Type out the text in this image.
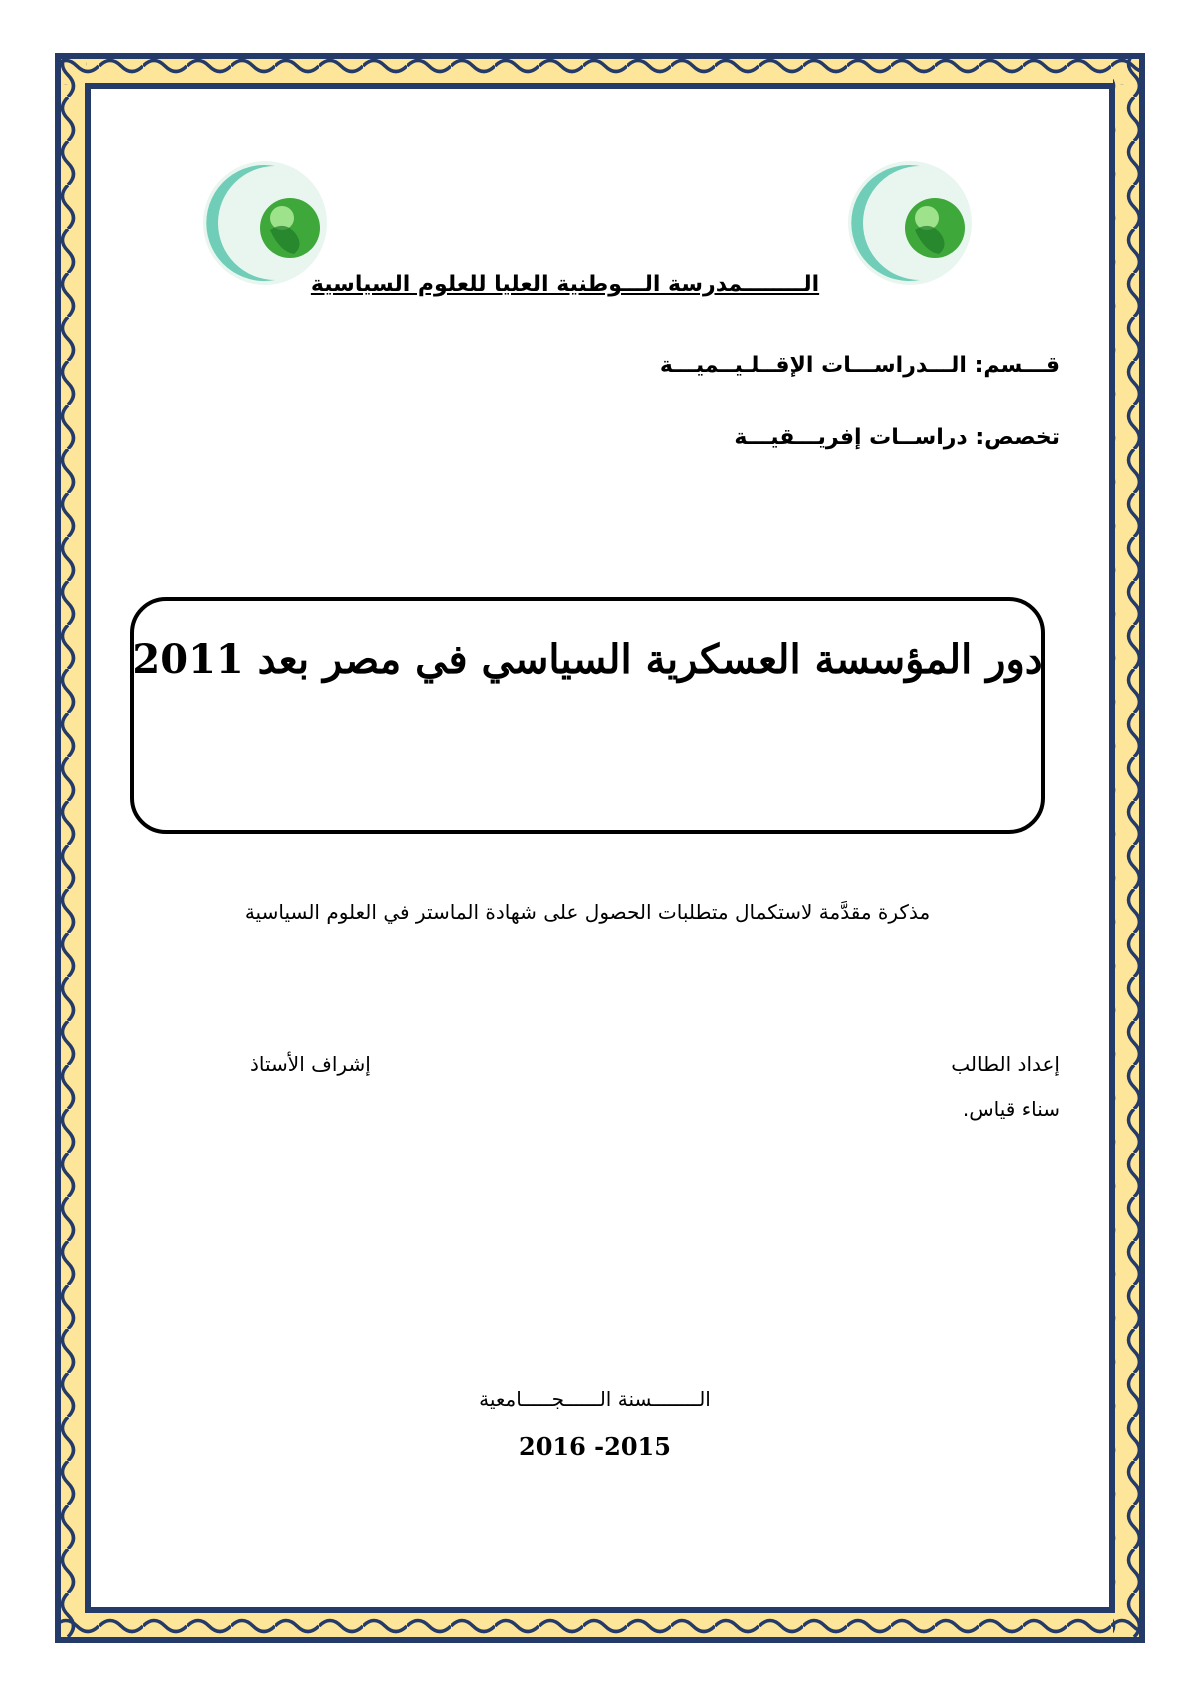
الــــــــمدرسة الـــوطنية العليا للعلوم السياسية
قـــسم: الـــدراســـات الإقــلـيــميـــة
تخصص: دراســات إفريـــقيـــة
دور المؤسسة العسكرية السياسي في مصر بعد 2011
مذكرة مقدَّمة لاستكمال متطلبات الحصول على شهادة الماستر في العلوم السياسية
إعداد الطالب
سناء قياس.
إشراف الأستاذ
الــــــــسنة الــــــجـــــامعية
2016 -2015
